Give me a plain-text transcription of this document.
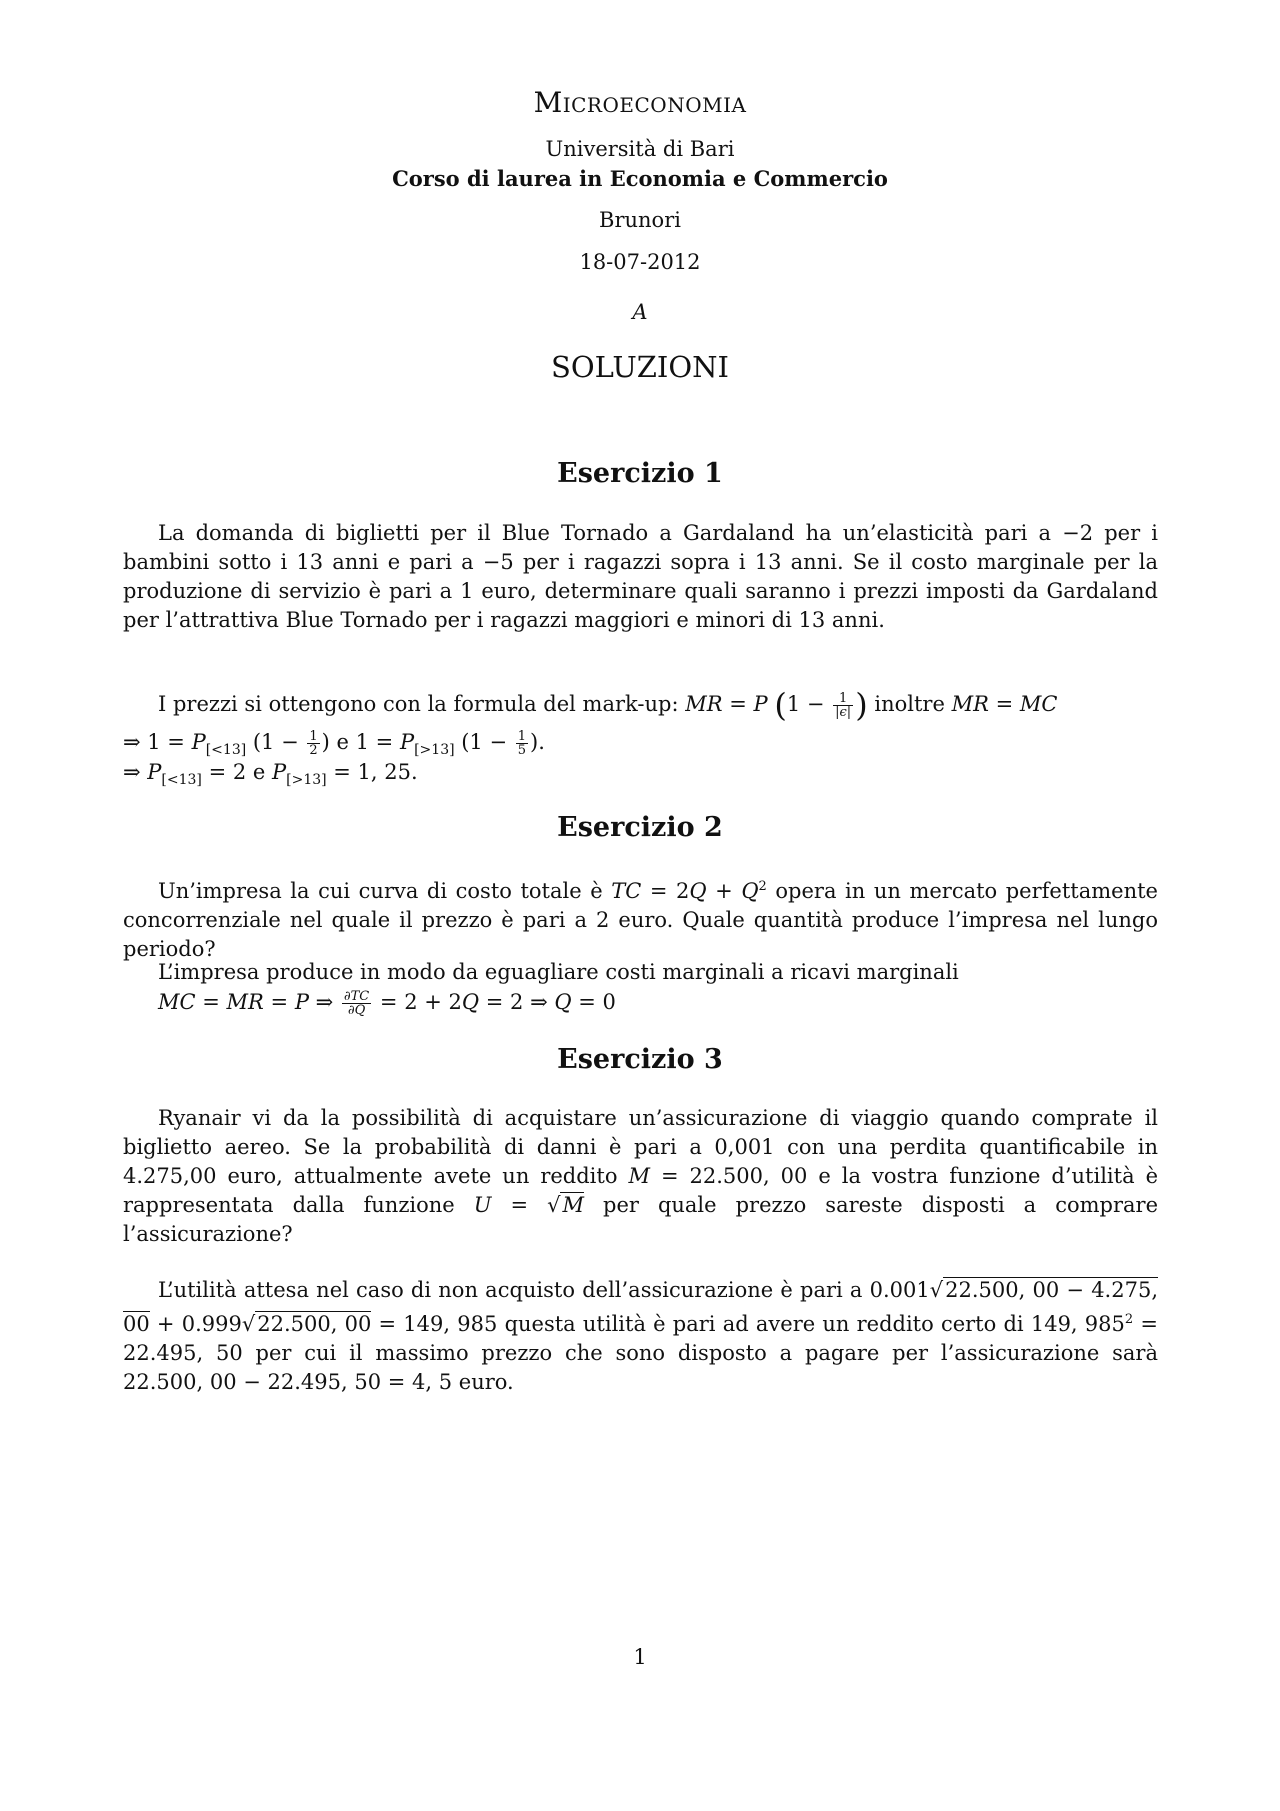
Microeconomia
Università di Bari
Corso di laurea in Economia e Commercio
Brunori
18-07-2012
A
SOLUZIONI
Esercizio 1
La domanda di biglietti per il Blue Tornado a Gardaland ha un’elasticità pari a −2 per i bambini sotto i 13 anni e pari a −5 per i ragazzi sopra i 13 anni. Se il costo marginale per la produzione di servizio è pari a 1 euro, determinare quali saranno i prezzi imposti da Gardaland per l’attrattiva Blue Tornado per i ragazzi maggiori e minori di 13 anni.
I prezzi si ottengono con la formula del mark-up: MR = P ($1 - \frac{1}{|\epsilon|}$ ) inoltre MR = MC
⇒ $1 = P_{[<13]}$ ($1 - \frac{1}{2}$ ) e $1 = P_{[>13]}$ ($1 - \frac{1}{5}$ ).
⇒ $P_{[<13]} = 2$ e $P_{[>13]} = 1$, 25.
Esercizio 2
Un’impresa la cui curva di costo totale è TC = $2Q + Q^2$ opera in un mercato perfettamente concorrenziale nel quale il prezzo è pari a 2 euro. Quale quantità produce l’impresa nel lungo periodo?
L’impresa produce in modo da eguagliare costi marginali a ricavi marginali
MC = MR = P ⇒ $\frac{\partial TC}{\partial Q} = 2 + 2Q = 2$ ⇒ Q = 0
Esercizio 3
Ryanair vi da la possibilità di acquistare un’assicurazione di viaggio quando comprate il biglietto aereo. Se la probabilità di danni è pari a 0,001 con una perdita quantificabile in 4.275,00 euro, attualmente avete un reddito M = 22.500, 00 e la vostra funzione d’utilità è rappresentata dalla funzione U = √M per quale prezzo sareste disposti a comprare l’assicurazione?
L’utilità attesa nel caso di non acquisto dell’assicurazione è pari a 0.001√22.500, 00 − 4.275, 00 + 0.999√22.500, 00 = 149, 985 questa utilità è pari ad avere un reddito certo di 149, $985^2 = 22.495$, 50 per cui il massimo prezzo che sono disposto a pagare per l’assicurazione sarà 22.500, 00 − 22.495, 50 = 4, 5 euro.
1
